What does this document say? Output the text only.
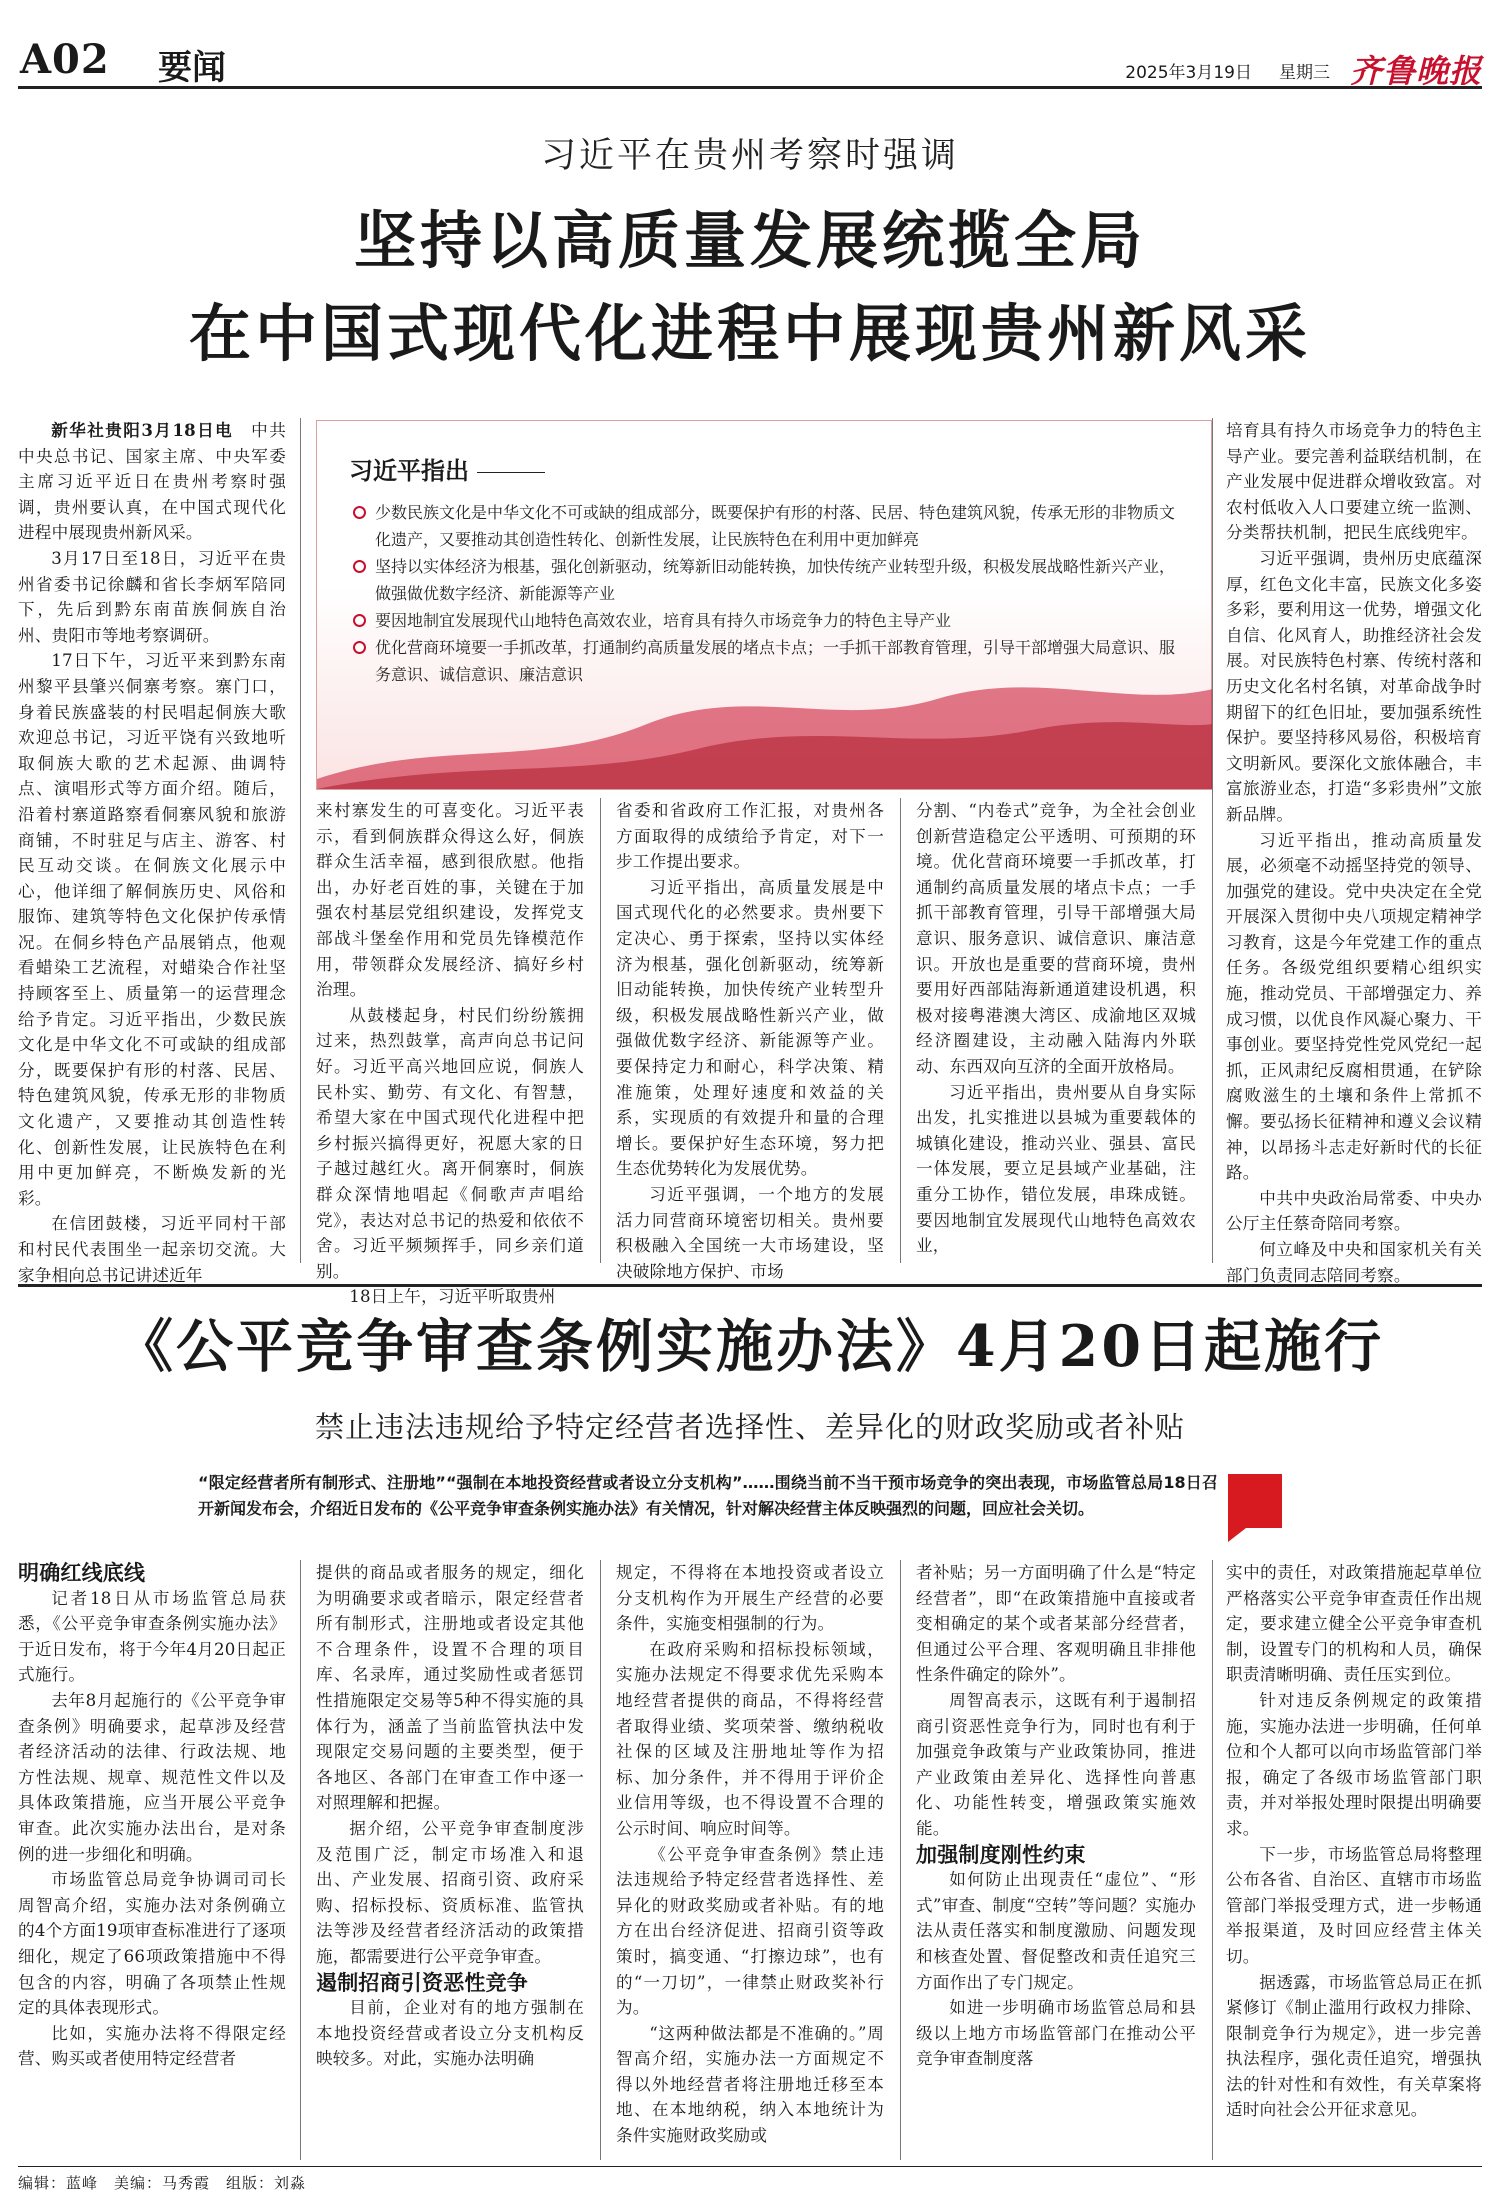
A02 要闻	2025年3月19日 星期三 齐鲁晚报
习近平在贵州考察时强调
坚持以高质量发展统揽全局
在中国式现代化进程中展现贵州新风采

新华社贵阳3月18日电　 中共中央总书记、国家主席、中央军委主席习近平近日在贵州考察时强调，贵州要认真，在中国式现代化进程中展现贵州新风采。

3月17日至18日，习近平在贵州省委书记徐麟和省长李炳军陪同下，先后到黔东南苗族侗族自治州、贵阳市等地考察调研。

17日下午，习近平来到黔东南州黎平县肇兴侗寨考察。寨门口，身着民族盛装的村民唱起侗族大歌欢迎总书记，习近平饶有兴致地听取侗族大歌的艺术起源、曲调特点、演唱形式等方面介绍。随后，沿着村寨道路察看侗寨风貌和旅游商铺，不时驻足与店主、游客、村民互动交谈。在侗族文化展示中心，他详细了解侗族历史、风俗和服饰、建筑等特色文化保护传承情况。在侗乡特色产品展销点，他观看蜡染工艺流程，对蜡染合作社坚持顾客至上、质量第一的运营理念给予肯定。习近平指出，少数民族文化是中华文化不可或缺的组成部分，既要保护有形的村落、民居、特色建筑风貌，传承无形的非物质文化遗产，又要推动其创造性转化、创新性发展，让民族特色在利用中更加鲜亮，不断焕发新的光彩。

在信团鼓楼，习近平同村干部和村民代表围坐一起亲切交流。大家争相向总书记讲述近年

习近平指出
少数民族文化是中华文化不可或缺的组成部分，既要保护有形的村落、民居、特色建筑风貌，传承无形的非物质文化遗产，又要推动其创造性转化、创新性发展，让民族特色在利用中更加鲜亮
坚持以实体经济为根基，强化创新驱动，统筹新旧动能转换，加快传统产业转型升级，积极发展战略性新兴产业，做强做优数字经济、新能源等产业
要因地制宜发展现代山地特色高效农业，培育具有持久市场竞争力的特色主导产业
优化营商环境要一手抓改革，打通制约高质量发展的堵点卡点；一手抓干部教育管理，引导干部增强大局意识、服务意识、诚信意识、廉洁意识

来村寨发生的可喜变化。习近平表示，看到侗族群众得这么好，侗族群众生活幸福，感到很欣慰。他指出，办好老百姓的事，关键在于加强农村基层党组织建设，发挥党支部战斗堡垒作用和党员先锋模范作用，带领群众发展经济、搞好乡村治理。

从鼓楼起身，村民们纷纷簇拥过来，热烈鼓掌，高声向总书记问好。习近平高兴地回应说，侗族人民朴实、勤劳、有文化、有智慧，希望大家在中国式现代化进程中把乡村振兴搞得更好，祝愿大家的日子越过越红火。离开侗寨时，侗族群众深情地唱起《侗歌声声唱给党》，表达对总书记的热爱和依依不舍。习近平频频挥手，同乡亲们道别。

18日上午，习近平听取贵州

省委和省政府工作汇报，对贵州各方面取得的成绩给予肯定，对下一步工作提出要求。

习近平指出，高质量发展是中国式现代化的必然要求。贵州要下定决心、勇于探索，坚持以实体经济为根基，强化创新驱动，统筹新旧动能转换，加快传统产业转型升级，积极发展战略性新兴产业，做强做优数字经济、新能源等产业。要保持定力和耐心，科学决策、精准施策，处理好速度和效益的关系，实现质的有效提升和量的合理增长。要保护好生态环境，努力把生态优势转化为发展优势。

习近平强调，一个地方的发展活力同营商环境密切相关。贵州要积极融入全国统一大市场建设，坚决破除地方保护、市场

分割、“内卷式”竞争，为全社会创业创新营造稳定公平透明、可预期的环境。优化营商环境要一手抓改革，打通制约高质量发展的堵点卡点；一手抓干部教育管理，引导干部增强大局意识、服务意识、诚信意识、廉洁意识。开放也是重要的营商环境，贵州要用好西部陆海新通道建设机遇，积极对接粤港澳大湾区、成渝地区双城经济圈建设，主动融入陆海内外联动、东西双向互济的全面开放格局。

习近平指出，贵州要从自身实际出发，扎实推进以县城为重要载体的城镇化建设，推动兴业、强县、富民一体发展，要立足县域产业基础，注重分工协作，错位发展，串珠成链。要因地制宜发展现代山地特色高效农业，

培育具有持久市场竞争力的特色主导产业。要完善利益联结机制，在产业发展中促进群众增收致富。对农村低收入人口要建立统一监测、分类帮扶机制，把民生底线兜牢。

习近平强调，贵州历史底蕴深厚，红色文化丰富，民族文化多姿多彩，要利用这一优势，增强文化自信、化风育人，助推经济社会发展。对民族特色村寨、传统村落和历史文化名村名镇，对革命战争时期留下的红色旧址，要加强系统性保护。要坚持移风易俗，积极培育文明新风。要深化文旅体融合，丰富旅游业态，打造“多彩贵州”文旅新品牌。

习近平指出，推动高质量发展，必须毫不动摇坚持党的领导、加强党的建设。党中央决定在全党开展深入贯彻中央八项规定精神学习教育，这是今年党建工作的重点任务。各级党组织要精心组织实施，推动党员、干部增强定力、养成习惯，以优良作风凝心聚力、干事创业。要坚持党性党风党纪一起抓，正风肃纪反腐相贯通，在铲除腐败滋生的土壤和条件上常抓不懈。要弘扬长征精神和遵义会议精神，以昂扬斗志走好新时代的长征路。

中共中央政治局常委、中央办公厅主任蔡奇陪同考察。

何立峰及中央和国家机关有关部门负责同志陪同考察。

《公平竞争审查条例实施办法》4月20日起施行
禁止违法违规给予特定经营者选择性、差异化的财政奖励或者补贴
“限定经营者所有制形式、注册地”“强制在本地投资经营或者设立分支机构”……围绕当前不当干预市场竞争的突出表现，市场监管总局18日召开新闻发布会，介绍近日发布的《公平竞争审查条例实施办法》有关情况，针对解决经营主体反映强烈的问题，回应社会关切。

明确红线底线

记者18日从市场监管总局获悉，《公平竞争审查条例实施办法》于近日发布，将于今年4月20日起正式施行。

去年8月起施行的《公平竞争审查条例》明确要求，起草涉及经营者经济活动的法律、行政法规、地方性法规、规章、规范性文件以及具体政策措施，应当开展公平竞争审查。此次实施办法出台，是对条例的进一步细化和明确。

市场监管总局竞争协调司司长周智高介绍，实施办法对条例确立的4个方面19项审查标准进行了逐项细化，规定了66项政策措施中不得包含的内容，明确了各项禁止性规定的具体表现形式。

比如，实施办法将不得限定经营、购买或者使用特定经营者

提供的商品或者服务的规定，细化为明确要求或者暗示，限定经营者所有制形式，注册地或者设定其他不合理条件，设置不合理的项目库、名录库，通过奖励性或者惩罚性措施限定交易等5种不得实施的具体行为，涵盖了当前监管执法中发现限定交易问题的主要类型，便于各地区、各部门在审查工作中逐一对照理解和把握。

据介绍，公平竞争审查制度涉及范围广泛，制定市场准入和退出、产业发展、招商引资、政府采购、招标投标、资质标准、监管执法等涉及经营者经济活动的政策措施，都需要进行公平竞争审查。

遏制招商引资恶性竞争

目前，企业对有的地方强制在本地投资经营或者设立分支机构反映较多。对此，实施办法明确

规定，不得将在本地投资或者设立分支机构作为开展生产经营的必要条件，实施变相强制的行为。

在政府采购和招标投标领域，实施办法规定不得要求优先采购本地经营者提供的商品，不得将经营者取得业绩、奖项荣誉、缴纳税收社保的区域及注册地址等作为招标、加分条件，并不得用于评价企业信用等级，也不得设置不合理的公示时间、响应时间等。

《公平竞争审查条例》禁止违法违规给予特定经营者选择性、差异化的财政奖励或者补贴。有的地方在出台经济促进、招商引资等政策时，搞变通、“打擦边球”，也有的“一刀切”，一律禁止财政奖补行为。

“这两种做法都是不准确的。”周智高介绍，实施办法一方面规定不得以外地经营者将注册地迁移至本地、在本地纳税，纳入本地统计为条件实施财政奖励或

者补贴；另一方面明确了什么是“特定经营者”，即“在政策措施中直接或者变相确定的某个或者某部分经营者，但通过公平合理、客观明确且非排他性条件确定的除外”。

周智高表示，这既有利于遏制招商引资恶性竞争行为，同时也有利于加强竞争政策与产业政策协同，推进产业政策由差异化、选择性向普惠化、功能性转变，增强政策实施效能。

加强制度刚性约束

如何防止出现责任“虚位”、“形式”审查、制度“空转”等问题？实施办法从责任落实和制度激励、问题发现和核查处置、督促整改和责任追究三方面作出了专门规定。

如进一步明确市场监管总局和县级以上地方市场监管部门在推动公平竞争审查制度落

实中的责任，对政策措施起草单位严格落实公平竞争审查责任作出规定，要求建立健全公平竞争审查机制，设置专门的机构和人员，确保职责清晰明确、责任压实到位。

针对违反条例规定的政策措施，实施办法进一步明确，任何单位和个人都可以向市场监管部门举报，确定了各级市场监管部门职责，并对举报处理时限提出明确要求。

下一步，市场监管总局将整理公布各省、自治区、直辖市市场监管部门举报受理方式，进一步畅通举报渠道，及时回应经营主体关切。

据透露，市场监管总局正在抓紧修订《制止滥用行政权力排除、限制竞争行为规定》，进一步完善执法程序，强化责任追究，增强执法的针对性和有效性，有关草案将适时向社会公开征求意见。

编辑：蓝峰　美编：马秀霞　组版：刘淼
